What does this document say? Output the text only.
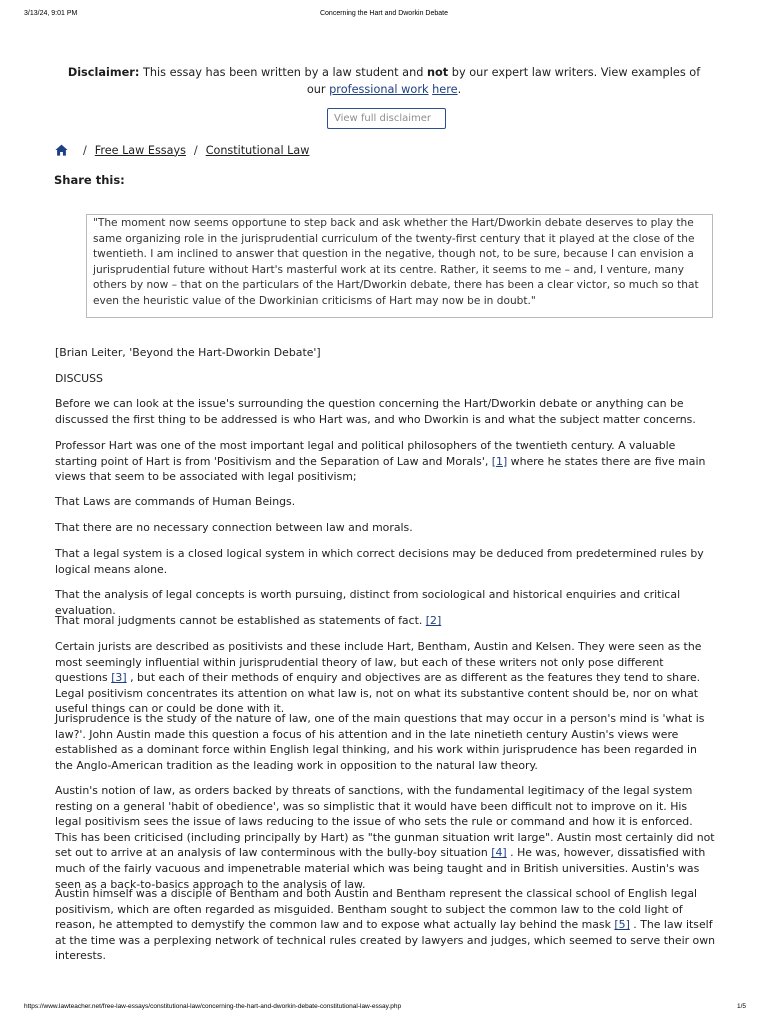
3/13/24, 9:01 PM	Concerning the Hart and Dworkin Debate
Disclaimer: This essay has been written by a law student and not by our expert law writers. View examples of our professional work here.
View full disclaimer
/ Free Law Essays / Constitutional Law
Share this:

"The moment now seems opportune to step back and ask whether the Hart/Dworkin debate deserves to play the same organizing role in the jurisprudential curriculum of the twenty-first century that it played at the close of the twentieth. I am inclined to answer that question in the negative, though not, to be sure, because I can envision a jurisprudential future without Hart's masterful work at its centre. Rather, it seems to me – and, I venture, many others by now – that on the particulars of the Hart/Dworkin debate, there has been a clear victor, so much so that even the heuristic value of the Dworkinian criticisms of Hart may now be in doubt."

[Brian Leiter, 'Beyond the Hart-Dworkin Debate']

DISCUSS

Before we can look at the issue's surrounding the question concerning the Hart/Dworkin debate or anything can be discussed the first thing to be addressed is who Hart was, and who Dworkin is and what the subject matter concerns.

Professor Hart was one of the most important legal and political philosophers of the twentieth century. A valuable starting point of Hart is from 'Positivism and the Separation of Law and Morals', [1] where he states there are five main views that seem to be associated with legal positivism;

That Laws are commands of Human Beings.

That there are no necessary connection between law and morals.

That a legal system is a closed logical system in which correct decisions may be deduced from predetermined rules by logical means alone.

That the analysis of legal concepts is worth pursuing, distinct from sociological and historical enquiries and critical evaluation.

That moral judgments cannot be established as statements of fact. [2]

Certain jurists are described as positivists and these include Hart, Bentham, Austin and Kelsen. They were seen as the most seemingly influential within jurisprudential theory of law, but each of these writers not only pose different questions [3] , but each of their methods of enquiry and objectives are as different as the features they tend to share. Legal positivism concentrates its attention on what law is, not on what its substantive content should be, nor on what useful things can or could be done with it.

Jurisprudence is the study of the nature of law, one of the main questions that may occur in a person's mind is 'what is law?'. John Austin made this question a focus of his attention and in the late ninetieth century Austin's views were established as a dominant force within English legal thinking, and his work within jurisprudence has been regarded in the Anglo-American tradition as the leading work in opposition to the natural law theory.

Austin's notion of law, as orders backed by threats of sanctions, with the fundamental legitimacy of the legal system resting on a general 'habit of obedience', was so simplistic that it would have been difficult not to improve on it. His legal positivism sees the issue of laws reducing to the issue of who sets the rule or command and how it is enforced. This has been criticised (including principally by Hart) as "the gunman situation writ large". Austin most certainly did not set out to arrive at an analysis of law conterminous with the bully-boy situation [4] . He was, however, dissatisfied with much of the fairly vacuous and impenetrable material which was being taught and in British universities. Austin's was seen as a back-to-basics approach to the analysis of law.

Austin himself was a disciple of Bentham and both Austin and Bentham represent the classical school of English legal positivism, which are often regarded as misguided. Bentham sought to subject the common law to the cold light of reason, he attempted to demystify the common law and to expose what actually lay behind the mask [5] . The law itself at the time was a perplexing network of technical rules created by lawyers and judges, which seemed to serve their own interests.

https://www.lawteacher.net/free-law-essays/constitutional-law/concerning-the-hart-and-dworkin-debate-constitutional-law-essay.php	1/5
